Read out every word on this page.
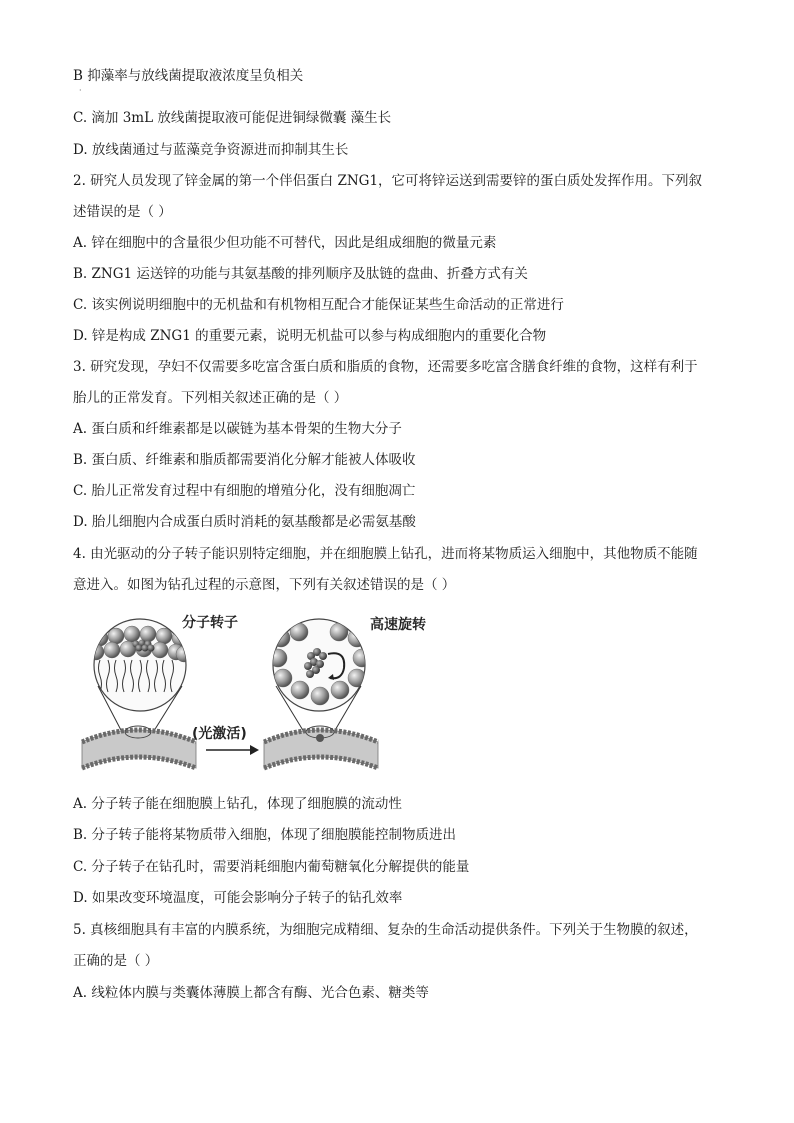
B 抑藻率与放线菌提取液浓度呈负相关
·
C. 滴加 3mL 放线菌提取液可能促进铜绿微囊 藻生长
D. 放线菌通过与蓝藻竞争资源进而抑制其生长
2. 研究人员发现了锌金属的第一个伴侣蛋白 ZNG1，它可将锌运送到需要锌的蛋白质处发挥作用。下列叙
述错误的是（ ）
A. 锌在细胞中的含量很少但功能不可替代，因此是组成细胞的微量元素
B. ZNG1 运送锌的功能与其氨基酸的排列顺序及肽链的盘曲、折叠方式有关
C. 该实例说明细胞中的无机盐和有机物相互配合才能保证某些生命活动的正常进行
D. 锌是构成 ZNG1 的重要元素，说明无机盐可以参与构成细胞内的重要化合物
3. 研究发现，孕妇不仅需要多吃富含蛋白质和脂质的食物，还需要多吃富含膳食纤维的食物，这样有利于
胎儿的正常发育。下列相关叙述正确的是（ ）
A. 蛋白质和纤维素都是以碳链为基本骨架的生物大分子
B. 蛋白质、纤维素和脂质都需要消化分解才能被人体吸收
C. 胎儿正常发育过程中有细胞的增殖分化，没有细胞凋亡
D. 胎儿细胞内合成蛋白质时消耗的氨基酸都是必需氨基酸
4. 由光驱动的分子转子能识别特定细胞，并在细胞膜上钻孔，进而将某物质运入细胞中，其他物质不能随
意进入。如图为钻孔过程的示意图，下列有关叙述错误的是（ ）
分子转子	高速旋转
(光激活)
A. 分子转子能在细胞膜上钻孔，体现了细胞膜的流动性
B. 分子转子能将某物质带入细胞，体现了细胞膜能控制物质进出
C. 分子转子在钻孔时，需要消耗细胞内葡萄糖氧化分解提供的能量
D. 如果改变环境温度，可能会影响分子转子的钻孔效率
5. 真核细胞具有丰富的内膜系统，为细胞完成精细、复杂的生命活动提供条件。下列关于生物膜的叙述，
正确的是（ ）
A. 线粒体内膜与类囊体薄膜上都含有酶、光合色素、糖类等
